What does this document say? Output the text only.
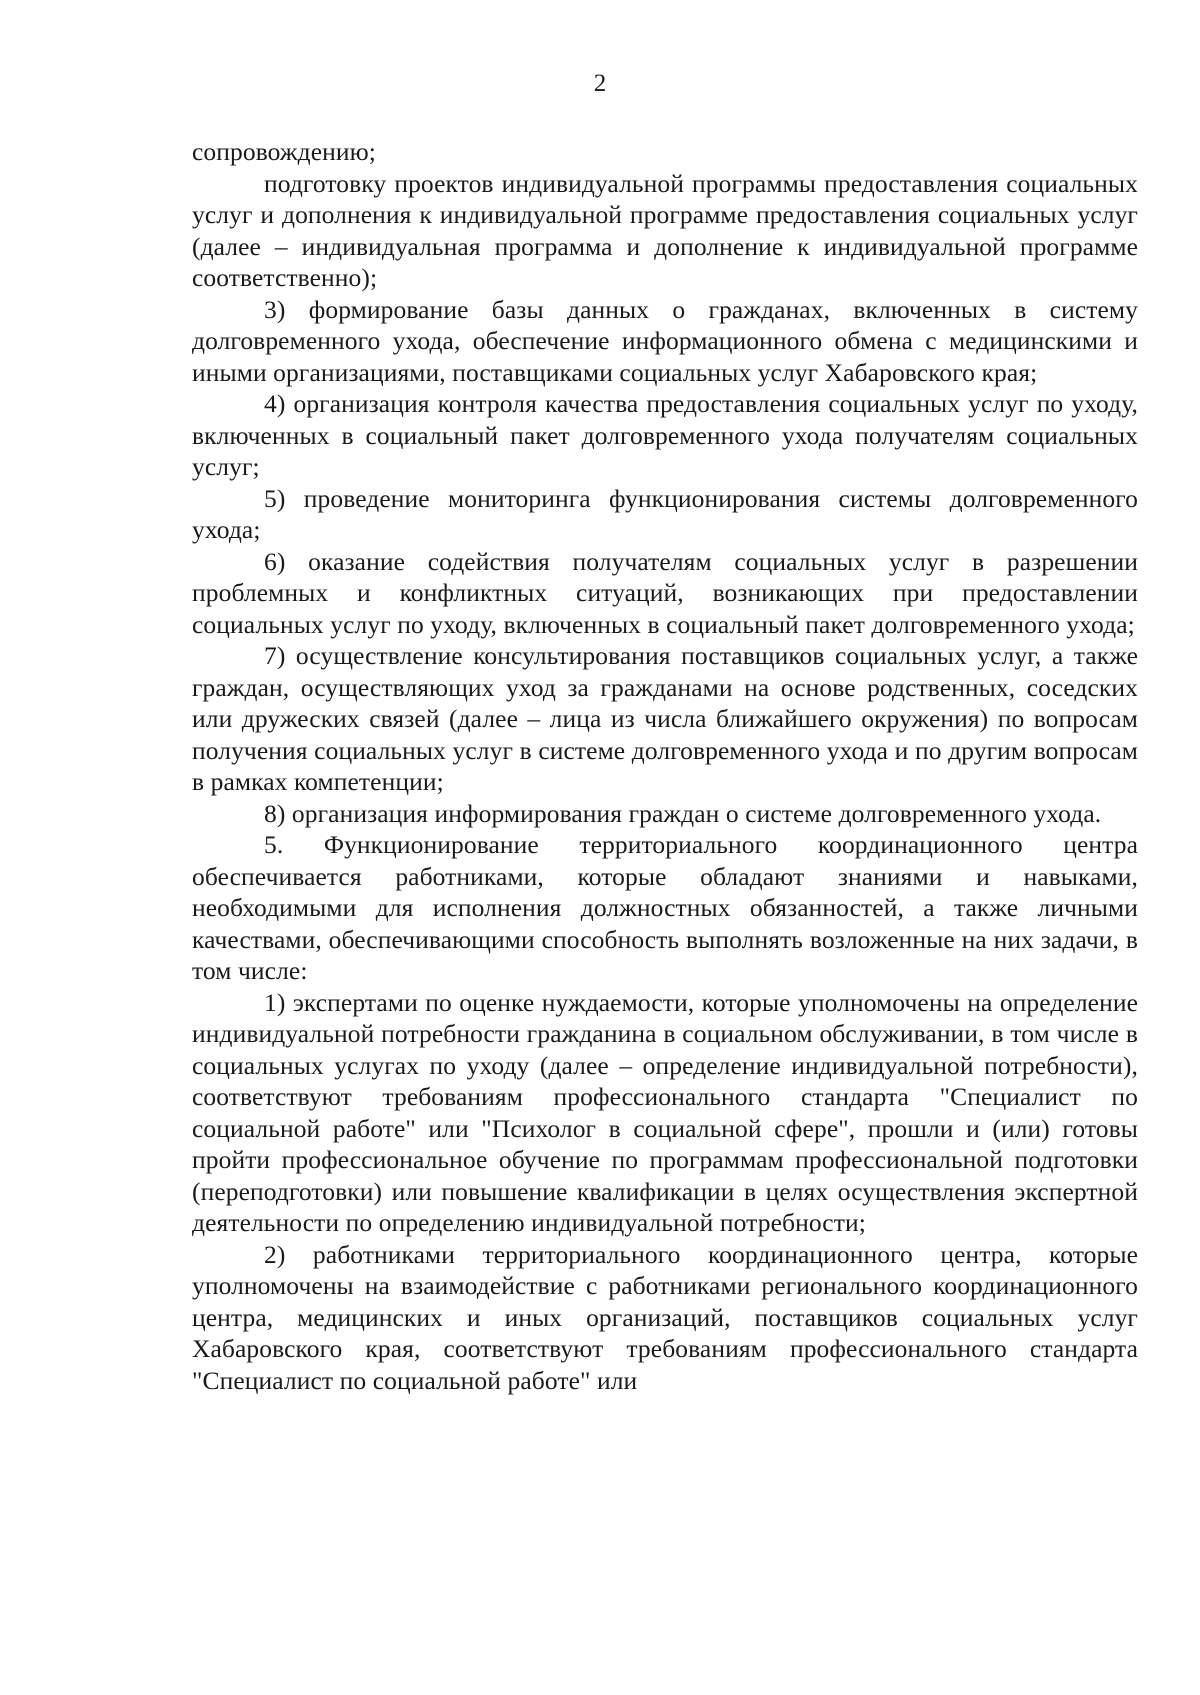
2

сопровождению;

подготовку проектов индивидуальной программы предоставления социальных услуг и дополнения к индивидуальной программе предоставления социальных услуг (далее – индивидуальная программа и дополнение к индивидуальной программе соответственно);

3) формирование базы данных о гражданах, включенных в систему долговременного ухода, обеспечение информационного обмена с медицинскими и иными организациями, поставщиками социальных услуг Хабаровского края;

4) организация контроля качества предоставления социальных услуг по уходу, включенных в социальный пакет долговременного ухода получателям социальных услуг;

5) проведение мониторинга функционирования системы долговременного ухода;

6) оказание содействия получателям социальных услуг в разрешении проблемных и конфликтных ситуаций, возникающих при предоставлении социальных услуг по уходу, включенных в социальный пакет долговременного ухода;

7) осуществление консультирования поставщиков социальных услуг, а также граждан, осуществляющих уход за гражданами на основе родственных, соседских или дружеских связей (далее – лица из числа ближайшего окружения) по вопросам получения социальных услуг в системе долговременного ухода и по другим вопросам в рамках компетенции;

8) организация информирования граждан о системе долговременного ухода.

5. Функционирование территориального координационного центра обеспечивается работниками, которые обладают знаниями и навыками, необходимыми для исполнения должностных обязанностей, а также личными качествами, обеспечивающими способность выполнять возложенные на них задачи, в том числе:

1) экспертами по оценке нуждаемости, которые уполномочены на определение индивидуальной потребности гражданина в социальном обслуживании, в том числе в социальных услугах по уходу (далее – определение индивидуальной потребности), соответствуют требованиям профессионального стандарта "Специалист по социальной работе" или "Психолог в социальной сфере", прошли и (или) готовы пройти профессиональное обучение по программам профессиональной подготовки (переподготовки) или повышение квалификации в целях осуществления экспертной деятельности по определению индивидуальной потребности;

2) работниками территориального координационного центра, которые уполномочены на взаимодействие с работниками регионального координационного центра, медицинских и иных организаций, поставщиков социальных услуг Хабаровского края, соответствуют требованиям профессионального стандарта "Специалист по социальной работе" или
